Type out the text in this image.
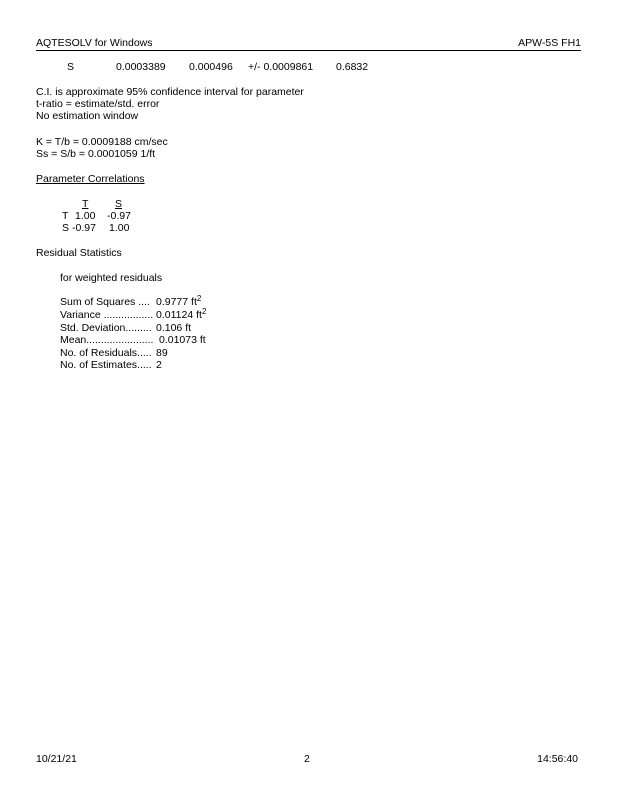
AQTESOLV for Windows	APW-5S FH1
S	0.0003389 0.000496 +/- 0.0009861 0.6832
C.I. is approximate 95% confidence interval for parameter
t-ratio = estimate/std. error
No estimation window
K = T/b = 0.0009188 cm/sec
Ss = S/b = 0.0001059 1/ft
Parameter Correlations
T	S
T 1.00 -0.97
S -0.97 1.00
Residual Statistics
for weighted residuals
Sum of Squares .... 0.9777 $ft^2$
Variance ................. 0.01124 $ft^2$
Std. Deviation......... 0.106 ft
Mean....................... 0.01073 ft
No. of Residuals..... 89
No. of Estimates..... 2
10/21/21	2	14:56:40
